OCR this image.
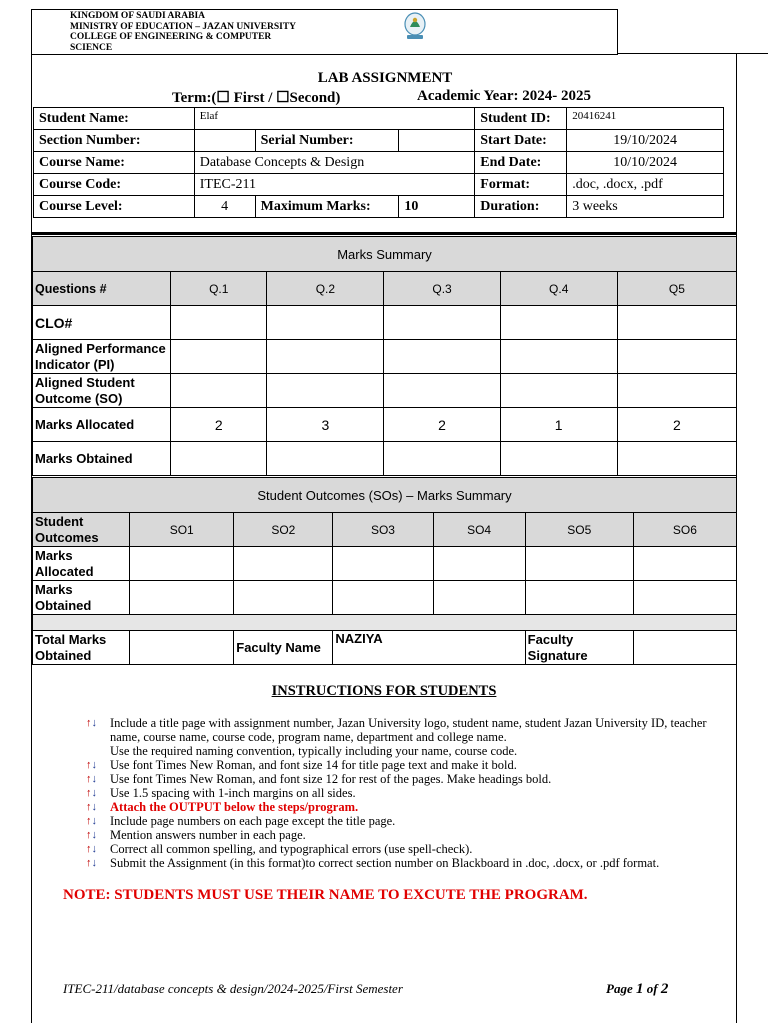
KINGDOM OF SAUDI ARABIA
MINISTRY OF EDUCATION – JAZAN UNIVERSITY
COLLEGE OF ENGINEERING & COMPUTER
SCIENCE
LAB ASSIGNMENT
Term:(☐ First / ☐Second)	Academic Year: 2024- 2025
Student Name:	Elaf			Student ID:	20416241
Section Number:		Serial Number:		Start Date:	19/10/2024
Course Name:	Database Concepts & Design			End Date:	10/10/2024
Course Code:	ITEC-211			Format:	.doc, .docx, .pdf
Course Level:	4	Maximum Marks:	10	Duration:	3 weeks
Marks Summary					
Questions #	Q.1	Q.2	Q.3	Q.4	Q5
CLO#					
Aligned Performance Indicator (PI)					
Aligned Student Outcome (SO)					
Marks Allocated	2	3	2	1	2
Marks Obtained					
Student Outcomes (SOs) – Marks Summary						
Student Outcomes	SO1	SO2	SO3	SO4	SO5	SO6
Marks Allocated						
Marks Obtained						

Total Marks Obtained		Faculty Name	NAZIYA		Faculty Signature	
INSTRUCTIONS FOR STUDENTS
↑↓ Include a title page with assignment number, Jazan University logo, student name, student Jazan University ID, teacher name, course name, course code, program name, department and college name.
Use the required naming convention, typically including your name, course code.
↑↓ Use font Times New Roman, and font size 14 for title page text and make it bold.
↑↓ Use font Times New Roman, and font size 12 for rest of the pages. Make headings bold.
↑↓ Use 1.5 spacing with 1-inch margins on all sides.
↑↓ Attach the OUTPUT below the steps/program.
↑↓ Include page numbers on each page except the title page.
↑↓ Mention answers number in each page.
↑↓ Correct all common spelling, and typographical errors (use spell-check).
↑↓ Submit the Assignment (in this format)to correct section number on Blackboard in .doc, .docx, or .pdf format.
NOTE: STUDENTS MUST USE THEIR NAME TO EXCUTE THE PROGRAM.
ITEC-211/database concepts & design/2024-2025/First Semester	Page 1 of 2
